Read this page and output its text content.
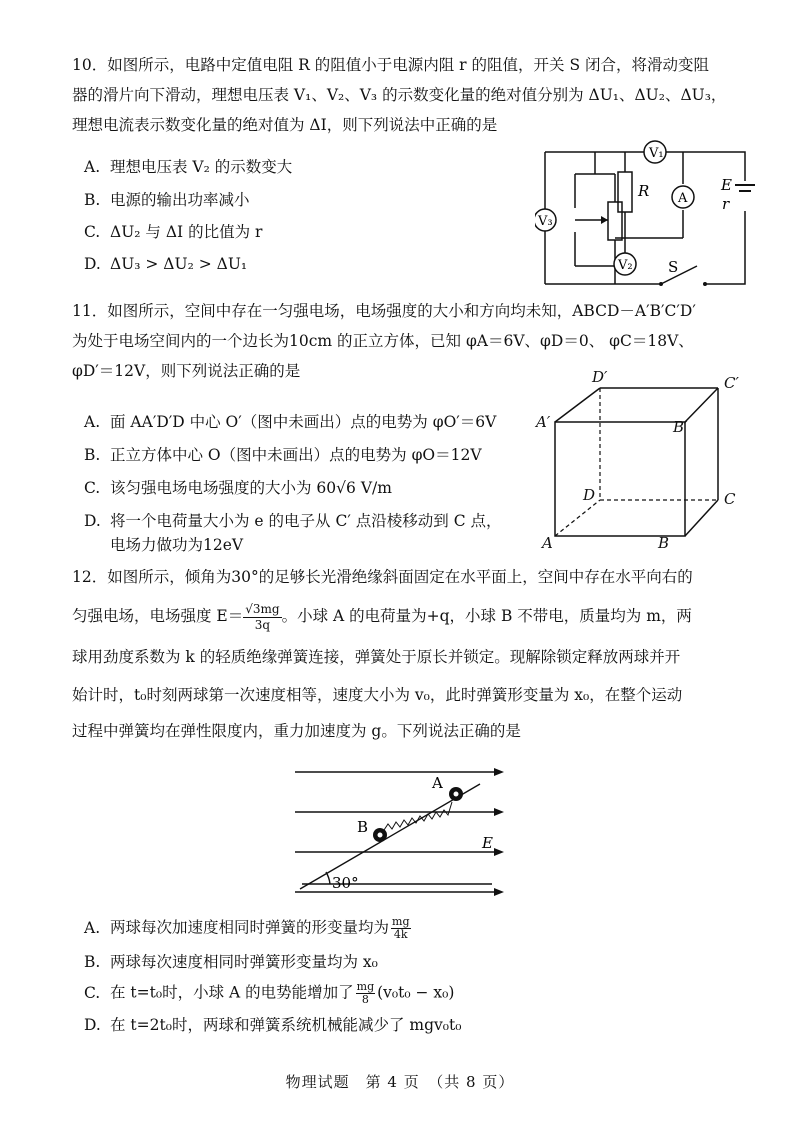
10．如图所示，电路中定值电阻 R 的阻值小于电源内阻 r 的阻值，开关 S 闭合，将滑动变阻

器的滑片向下滑动，理想电压表 V₁、V₂、V₃ 的示数变化量的绝对值分别为 ΔU₁、ΔU₂、ΔU₃，

理想电流表示数变化量的绝对值为 ΔI，则下列说法中正确的是

A. 理想电压表 V₂ 的示数变大
B. 电源的输出功率减小
C. ΔU₂ 与 ΔI 的比值为 r
D. ΔU₃ > ΔU₂ > ΔU₁
V₁
A
V₃
V₂
R	E
r
S

11．如图所示，空间中存在一匀强电场，电场强度的大小和方向均未知，ABCD－A′B′C′D′

为处于电场空间内的一个边长为10cm 的正立方体，已知 φA＝6V、φD＝0、 φC＝18V、

φD′＝12V，则下列说法正确的是

A. 面 AA′D′D 中心 O′（图中未画出）点的电势为 φO′＝6V
B. 正立方体中心 O（图中未画出）点的电势为 φO＝12V
C. 该匀强电场电场强度的大小为 60√6 V/m
D. 将一个电荷量大小为 e 的电子从 C′ 点沿棱移动到 C 点，
电场力做功为12eV	A	B
C
D
A′	B′
C′
D′

12．如图所示，倾角为30°的足够长光滑绝缘斜面固定在水平面上，空间中存在水平向右的

匀强电场，电场强度 $E= \frac{√3mg}{3q}$ 。小球 A 的电荷量为+q，小球 B 不带电，质量均为 m，两

球用劲度系数为 k 的轻质绝缘弹簧连接，弹簧处于原长并锁定。现解除锁定释放两球并开

始计时，t₀时刻两球第一次速度相等，速度大小为 v₀，此时弹簧形变量为 x₀，在整个运动

过程中弹簧均在弹性限度内，重力加速度为 g。下列说法正确的是

A
B
E
30°
A. 两球每次加速度相同时弹簧的形变量均为 $\frac{mg}{4k}$
B. 两球每次速度相同时弹簧形变量均为 x₀
C. 在 t=t₀时，小球 A 的电势能增加了 $\frac{mg}{8} (v_0t_0 - x_0)$
D. 在 t=2t₀时，两球和弹簧系统机械能减少了 mgv₀t₀
物理试题　第 4 页　（共 8 页）
